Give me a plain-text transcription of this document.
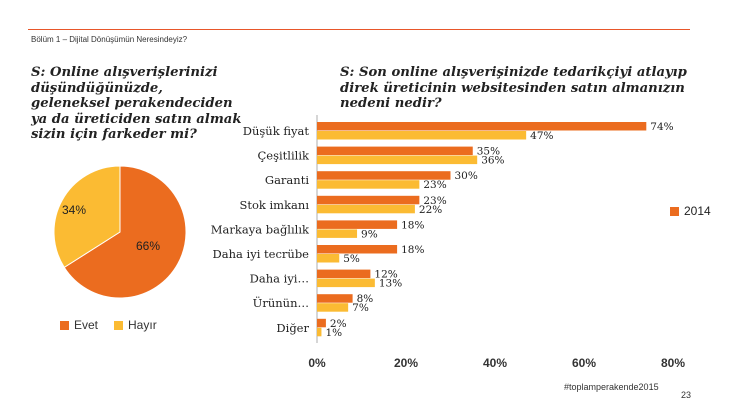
Bölüm 1 – Dijital Dönüşümün Neresindeyiz?
S: Online alışverişlerinizi düşündüğünüzde, geleneksel perakendeciden ya da üreticiden satın almak sizin için farkeder mi?
S: Son online alışverişinizde tedarikçiyi atlayıp direk üreticinin websitesinden satın almanızın nedeni nedir?
66%
34%
Evet	Hayır
Düşük fiyat	74%
47%
Çeşitlilik	35%
36%
Garanti	30%
23%
Stok imkanı	23%
22%
Markaya bağlılık	18%
9%
Daha iyi tecrübe	18%
5%
Daha iyi…	12%
13%
Ürünün…	8%
7%
Diğer 2%
1%
0%	20%	40%	60%	80%
2014
#toplamperakende2015
23
